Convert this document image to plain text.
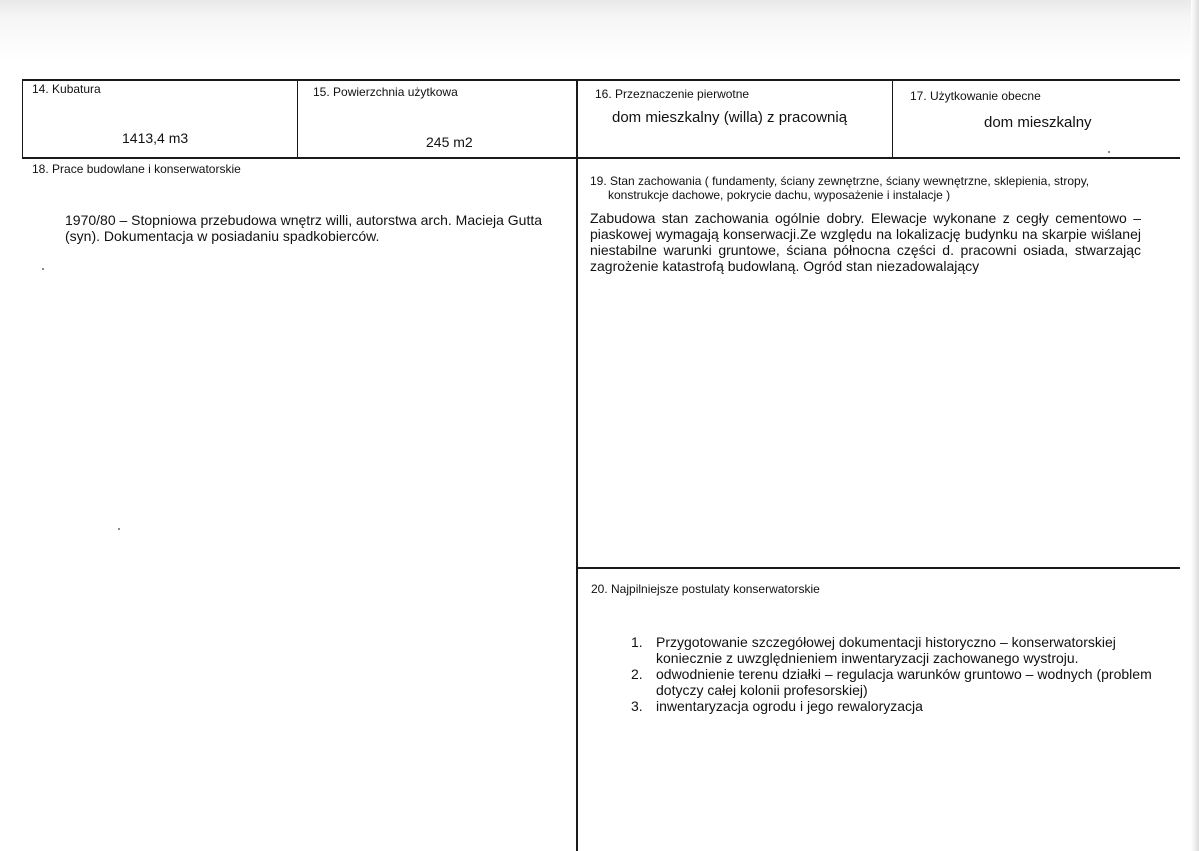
14. Kubatura
1413,4 m3
15. Powierzchnia użytkowa
245 m2
16. Przeznaczenie pierwotne
dom mieszkalny (willa) z pracownią
17. Użytkowanie obecne
dom mieszkalny
18. Prace budowlane i konserwatorskie
1970/80 – Stopniowa przebudowa wnętrz willi, autorstwa arch. Macieja Gutta (syn). Dokumentacja w posiadaniu spadkobierców.
19. Stan zachowania ( fundamenty, ściany zewnętrzne, ściany wewnętrzne, sklepienia, stropy, konstrukcje dachowe, pokrycie dachu, wyposażenie i instalacje )
Zabudowa stan zachowania ogólnie dobry. Elewacje wykonane z cegły cementowo – piaskowej wymagają konserwacji.Ze względu na lokalizację budynku na skarpie wiślanej niestabilne warunki gruntowe, ściana północna części d. pracowni osiada, stwarzając zagrożenie katastrofą budowlaną. Ogród stan niezadowalający
20. Najpilniejsze postulaty konserwatorskie
1. Przygotowanie szczegółowej dokumentacji historyczno – konserwatorskiej koniecznie z uwzględnieniem inwentaryzacji zachowanego wystroju.
2. odwodnienie terenu działki – regulacja warunków gruntowo – wodnych (problem dotyczy całej kolonii profesorskiej)
3. inwentaryzacja ogrodu i jego rewaloryzacja
